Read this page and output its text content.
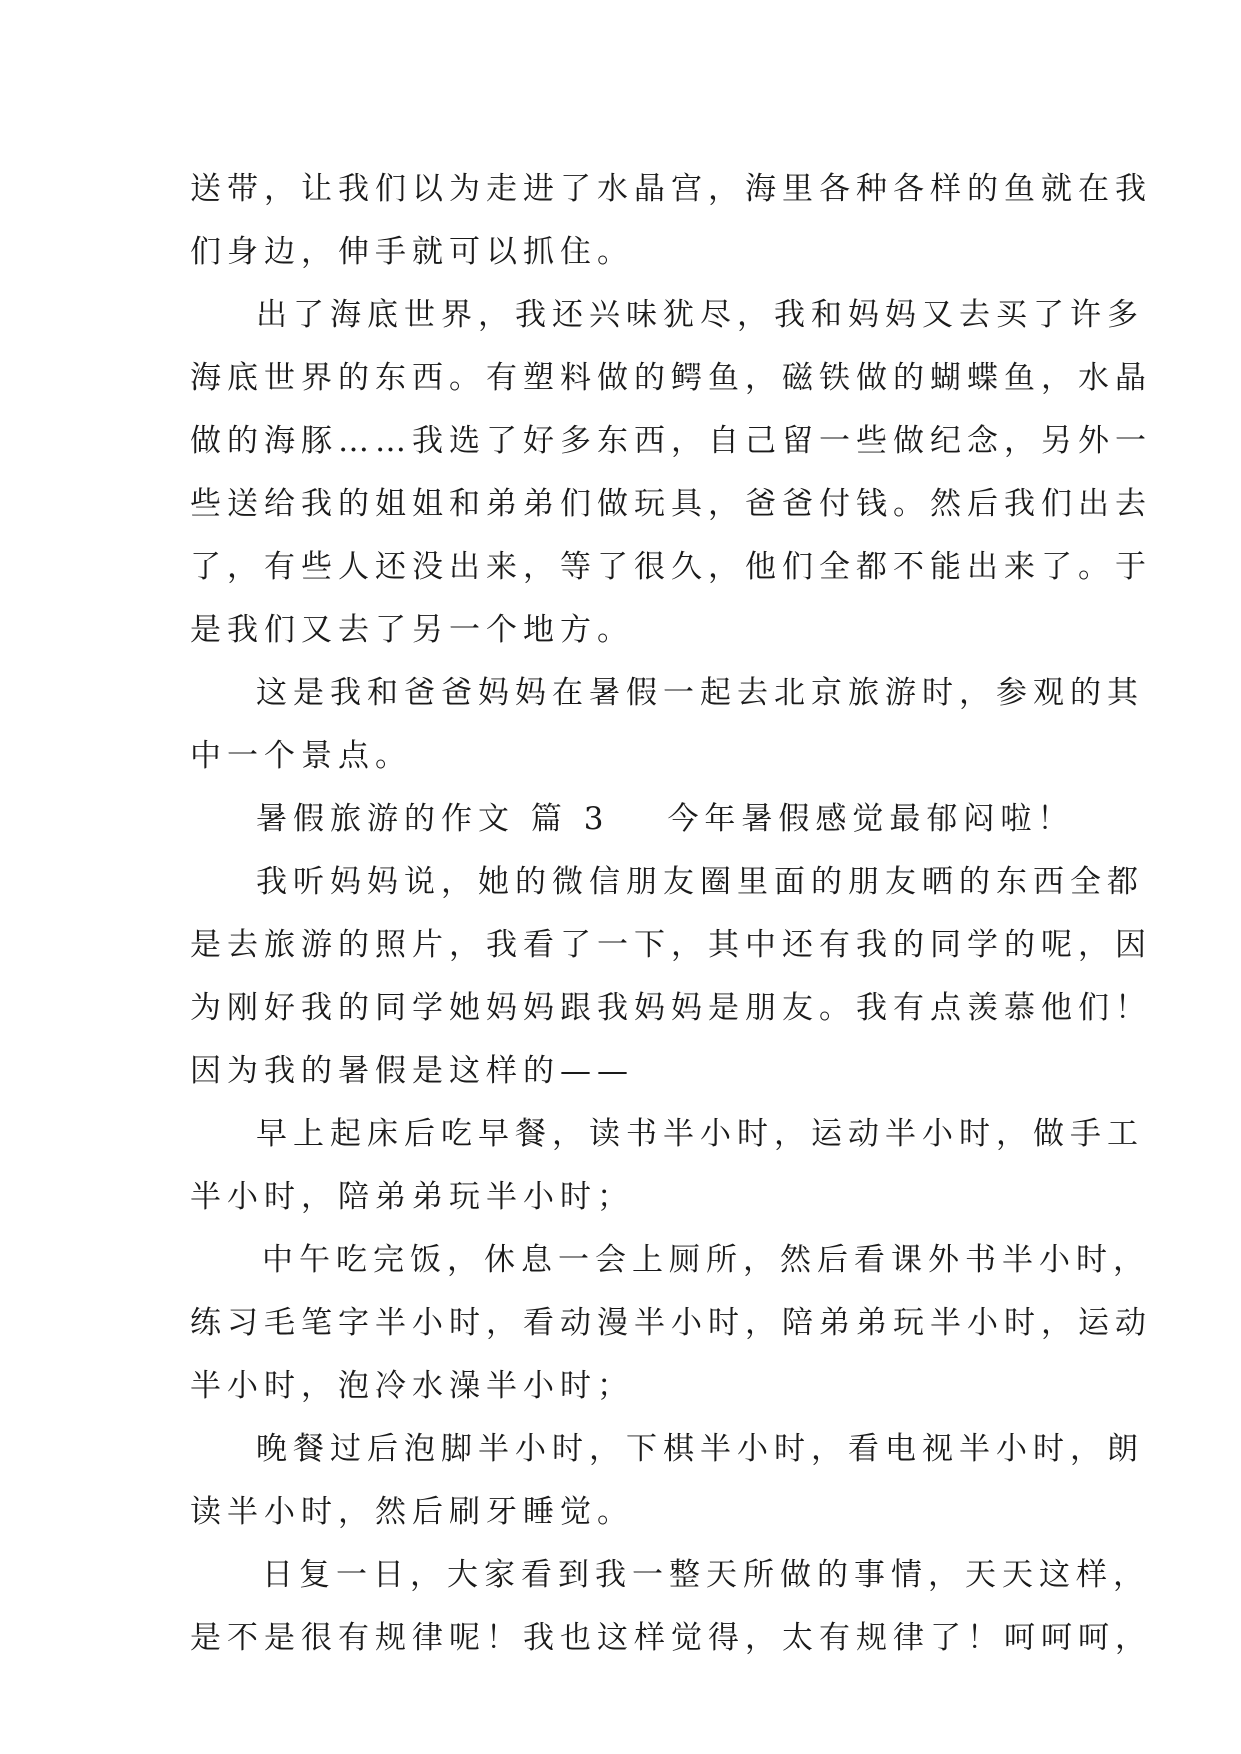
送带，让我们以为走进了水晶宫，海里各种各样的鱼就在我
们身边，伸手就可以抓住。
出了海底世界，我还兴味犹尽，我和妈妈又去买了许多
海底世界的东西。有塑料做的鳄鱼，磁铁做的蝴蝶鱼，水晶
做的海豚……我选了好多东西，自己留一些做纪念，另外一
些送给我的姐姐和弟弟们做玩具，爸爸付钱。然后我们出去
了，有些人还没出来，等了很久，他们全都不能出来了。于
是我们又去了另一个地方。
这是我和爸爸妈妈在暑假一起去北京旅游时，参观的其
中一个景点。
暑假旅游的作文 篇 3 今年暑假感觉最郁闷啦！
我听妈妈说，她的微信朋友圈里面的朋友晒的东西全都
是去旅游的照片，我看了一下，其中还有我的同学的呢，因
为刚好我的同学她妈妈跟我妈妈是朋友。我有点羡慕他们！
因为我的暑假是这样的——
早上起床后吃早餐，读书半小时，运动半小时，做手工
半小时，陪弟弟玩半小时；
中午吃完饭，休息一会上厕所，然后看课外书半小时，
练习毛笔字半小时，看动漫半小时，陪弟弟玩半小时，运动
半小时，泡冷水澡半小时；
晚餐过后泡脚半小时，下棋半小时，看电视半小时，朗
读半小时，然后刷牙睡觉。
日复一日，大家看到我一整天所做的事情，天天这样，
是不是很有规律呢！我也这样觉得，太有规律了！呵呵呵，
